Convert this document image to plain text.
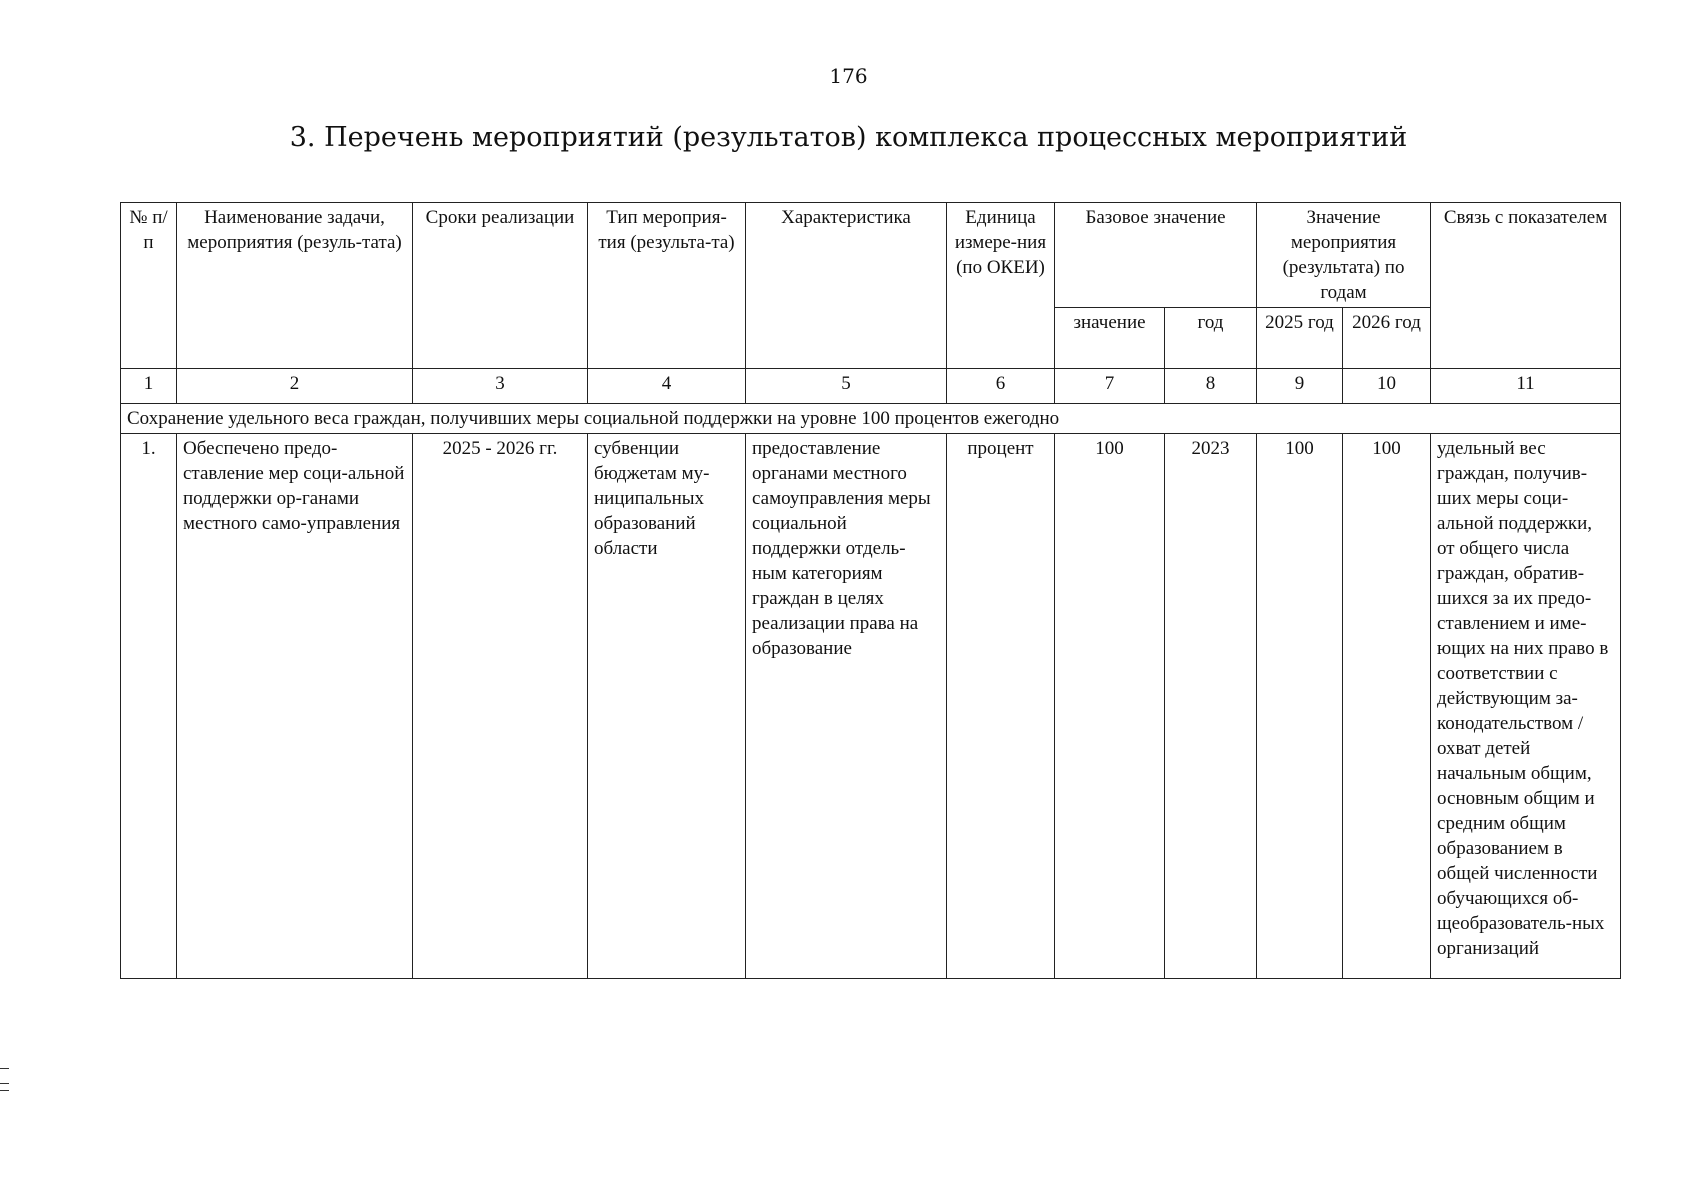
176
3. Перечень мероприятий (результатов) комплекса процессных мероприятий
№ п/п	Наименование задачи, мероприятия (резуль-тата)	Сроки реализации	Тип мероприя-тия (результа-та)	Характеристика	Единица измере-ния (по ОКЕИ)	Базовое значение		Значение мероприятия (результата) по годам		Связь с показателем
						значение	год	2025 год	2026 год	
1	2	3	4	5	6	7	8	9	10	11
Сохранение удельного веса граждан, получивших меры социальной поддержки на уровне 100 процентов ежегодно										
1.	Обеспечено предо-ставление мер соци-альной поддержки ор-ганами местного само-управления	2025 - 2026 гг.	субвенции бюджетам му-ниципальных образований области	предоставление органами местного самоуправления меры социальной поддержки отдель-ным категориям граждан в целях реализации права на образование	процент	100	2023	100	100	удельный вес граждан, получив-ших меры соци-альной поддержки, от общего числа граждан, обратив-шихся за их предо-ставлением и име-ющих на них право в соответствии с действующим за-конодательством / охват детей начальным общим, основным общим и средним общим образованием в общей численности обучающихся об-щеобразователь-ных организаций
